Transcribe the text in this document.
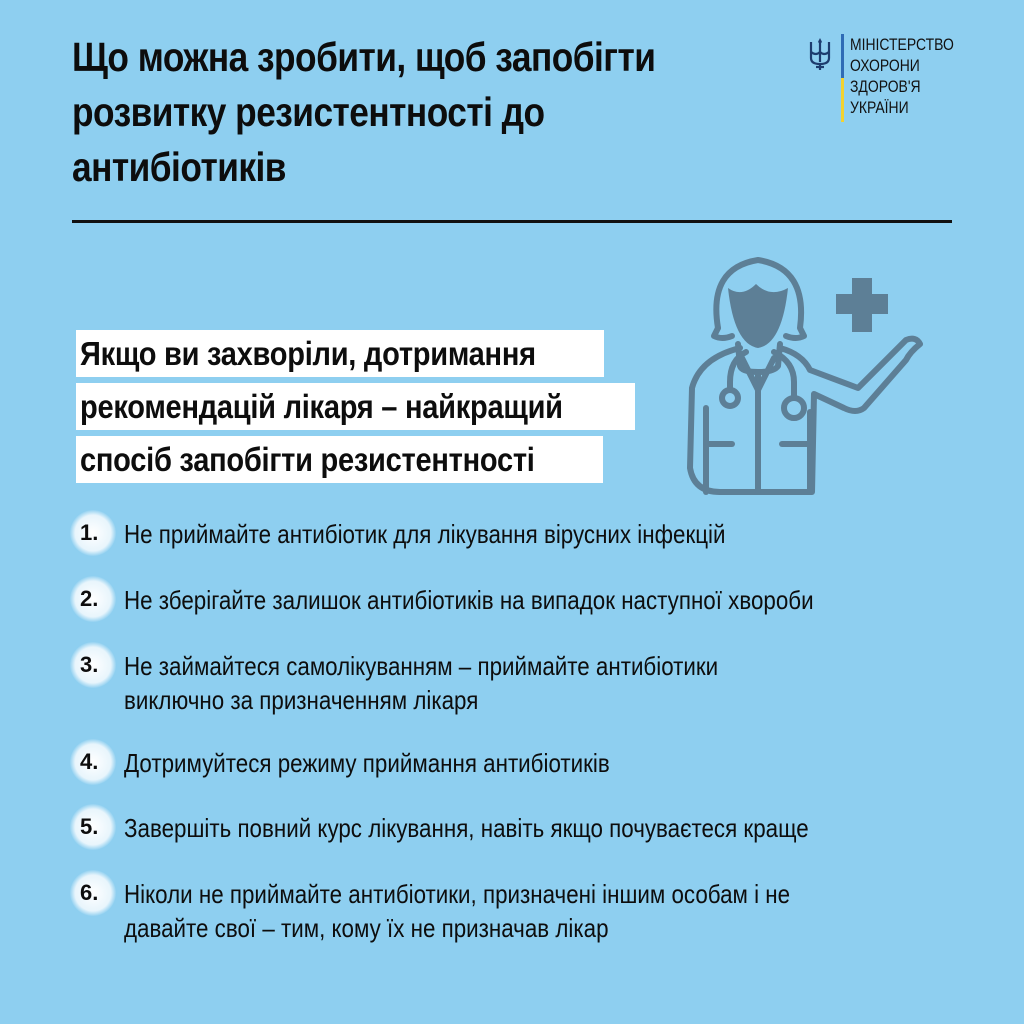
Що можна зробити, щоб запобігти
розвитку резистентності до
антибіотиків
МІНІСТЕРСТВО
ОХОРОНИ
ЗДОРОВ'Я
УКРАЇНИ
Якщо ви захворіли, дотримання
рекомендацій лікаря – найкращий
спосіб запобігти резистентності
1. Не приймайте антибіотик для лікування вірусних інфекцій

2. Не зберігайте залишок антибіотиків на випадок наступної хвороби

3. Не займайтеся самолікуванням – приймайте антибіотики
виключно за призначенням лікаря

4. Дотримуйтеся режиму приймання антибіотиків

5. Завершіть повний курс лікування, навіть якщо почуваєтеся краще

6. Ніколи не приймайте антибіотики, призначені іншим особам і не
давайте свої – тим, кому їх не призначав лікар
